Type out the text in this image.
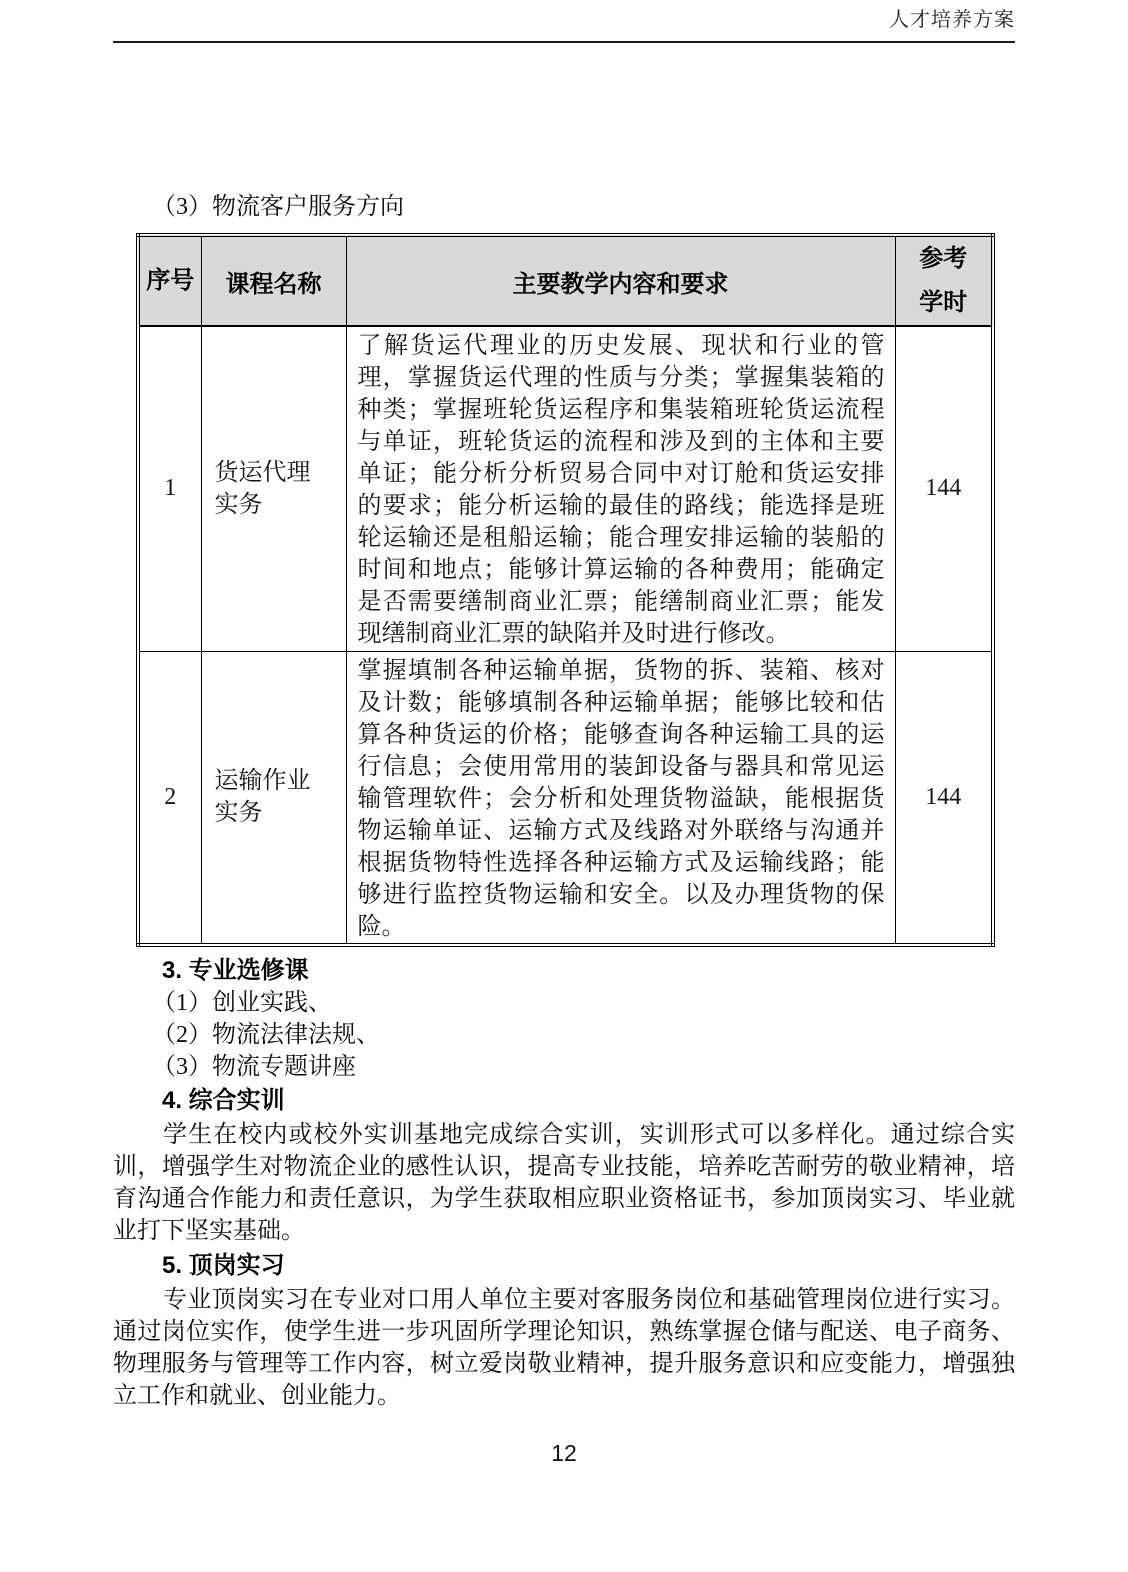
人才培养方案
（3）物流客户服务方向
序号	课程名称	主要教学内容和要求	参考学时

1	货运代理实务	了解货运代理业的历史发展、现状和行业的管理，掌握货运代理的性质与分类；掌握集装箱的种类；掌握班轮货运程序和集装箱班轮货运流程与单证，班轮货运的流程和涉及到的主体和主要单证；能分析分析贸易合同中对订舱和货运安排的要求；能分析运输的最佳的路线；能选择是班轮运输还是租船运输；能合理安排运输的装船的时间和地点；能够计算运输的各种费用；能确定是否需要缮制商业汇票；能缮制商业汇票；能发现缮制商业汇票的缺陷并及时进行修改。	144
2	运输作业实务	掌握填制各种运输单据，货物的拆、装箱、核对及计数；能够填制各种运输单据；能够比较和估算各种货运的价格；能够查询各种运输工具的运行信息；会使用常用的装卸设备与器具和常见运输管理软件；会分析和处理货物溢缺，能根据货物运输单证、运输方式及线路对外联络与沟通并根据货物特性选择各种运输方式及运输线路；能够进行监控货物运输和安全。以及办理货物的保险。	144
3. 专业选修课
（1）创业实践、
（2）物流法律法规、
（3）物流专题讲座
4. 综合实训
学生在校内或校外实训基地完成综合实训，实训形式可以多样化。通过综合实训，增强学生对物流企业的感性认识，提高专业技能，培养吃苦耐劳的敬业精神，培育沟通合作能力和责任意识，为学生获取相应职业资格证书，参加顶岗实习、毕业就业打下坚实基础。
5. 顶岗实习
专业顶岗实习在专业对口用人单位主要对客服务岗位和基础管理岗位进行实习。通过岗位实作，使学生进一步巩固所学理论知识，熟练掌握仓储与配送、电子商务、物理服务与管理等工作内容，树立爱岗敬业精神，提升服务意识和应变能力，增强独立工作和就业、创业能力。
12
